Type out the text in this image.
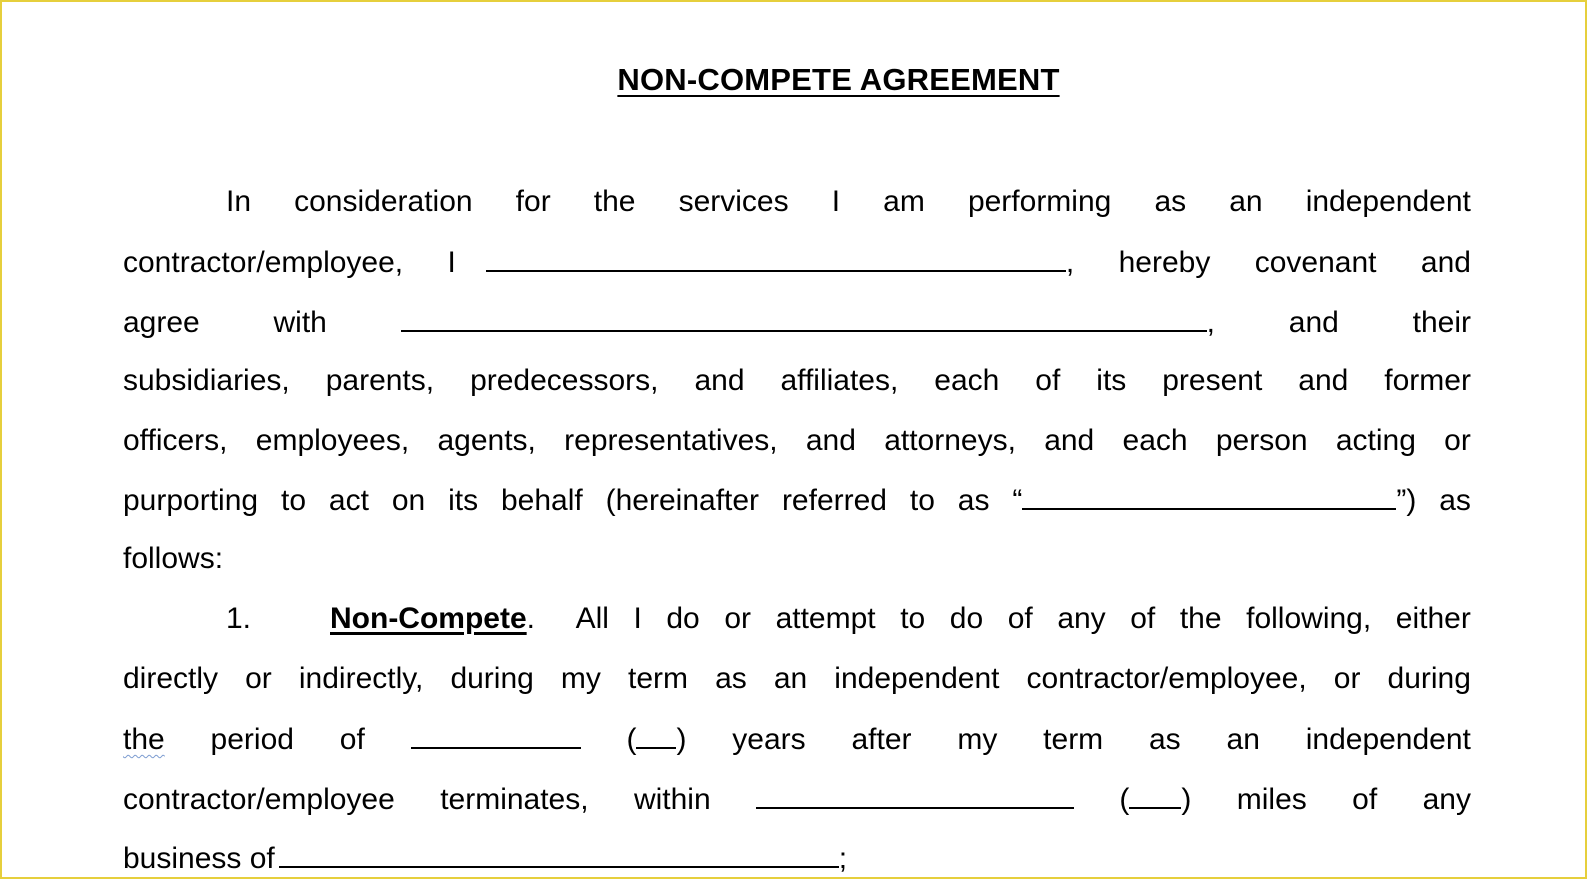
NON-COMPETE AGREEMENT
In consideration for the services I am performing as an independent
contractor/employee, I	, hereby covenant and
agree with	, and their
subsidiaries, parents, predecessors, and affiliates, each of its present and former
officers, employees, agents, representatives, and attorneys, and each person acting or
purporting to act on its behalf (hereinafter referred to as “	”) as
follows:
1.	Non-Compete . All I do or attempt to do of any of the following, either
directly or indirectly, during my term as an independent contractor/employee, or during
the period of	( ) years after my term as an independent
contractor/employee terminates, within	( ) miles of any
business of	;
